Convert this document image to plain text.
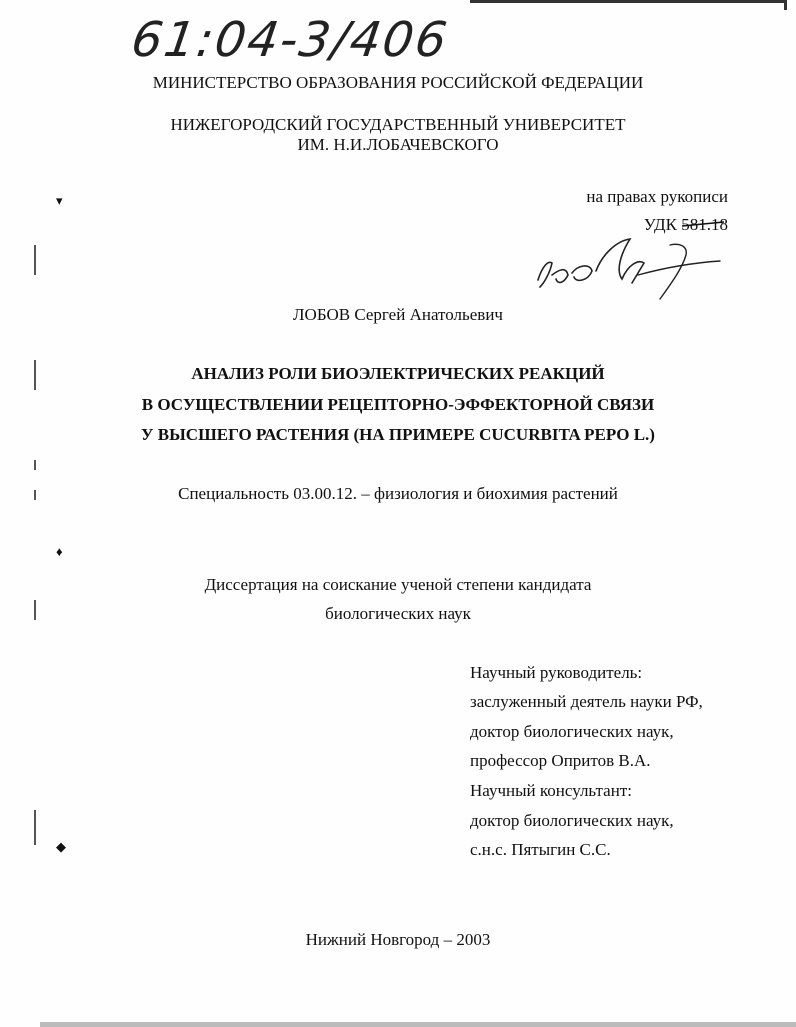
▾
♦
◆
61:04-3/406
МИНИСТЕРСТВО ОБРАЗОВАНИЯ РОССИЙСКОЙ ФЕДЕРАЦИИ
НИЖЕГОРОДСКИЙ ГОСУДАРСТВЕННЫЙ УНИВЕРСИТЕТ
ИМ. Н.И.ЛОБАЧЕВСКОГО
на правах рукописи
УДК 581.18
ЛОБОВ Сергей Анатольевич
АНАЛИЗ РОЛИ БИОЭЛЕКТРИЧЕСКИХ РЕАКЦИЙ
В ОСУЩЕСТВЛЕНИИ РЕЦЕПТОРНО-ЭФФЕКТОРНОЙ СВЯЗИ
У ВЫСШЕГО РАСТЕНИЯ (НА ПРИМЕРЕ CUCURBITA PEPO L.)
Специальность 03.00.12. – физиология и биохимия растений
Диссертация на соискание ученой степени кандидата
биологических наук
Научный руководитель:
заслуженный деятель науки РФ,
доктор биологических наук,
профессор Опритов В.А.
Научный консультант:
доктор биологических наук,
с.н.с. Пятыгин С.С.
Нижний Новгород – 2003
